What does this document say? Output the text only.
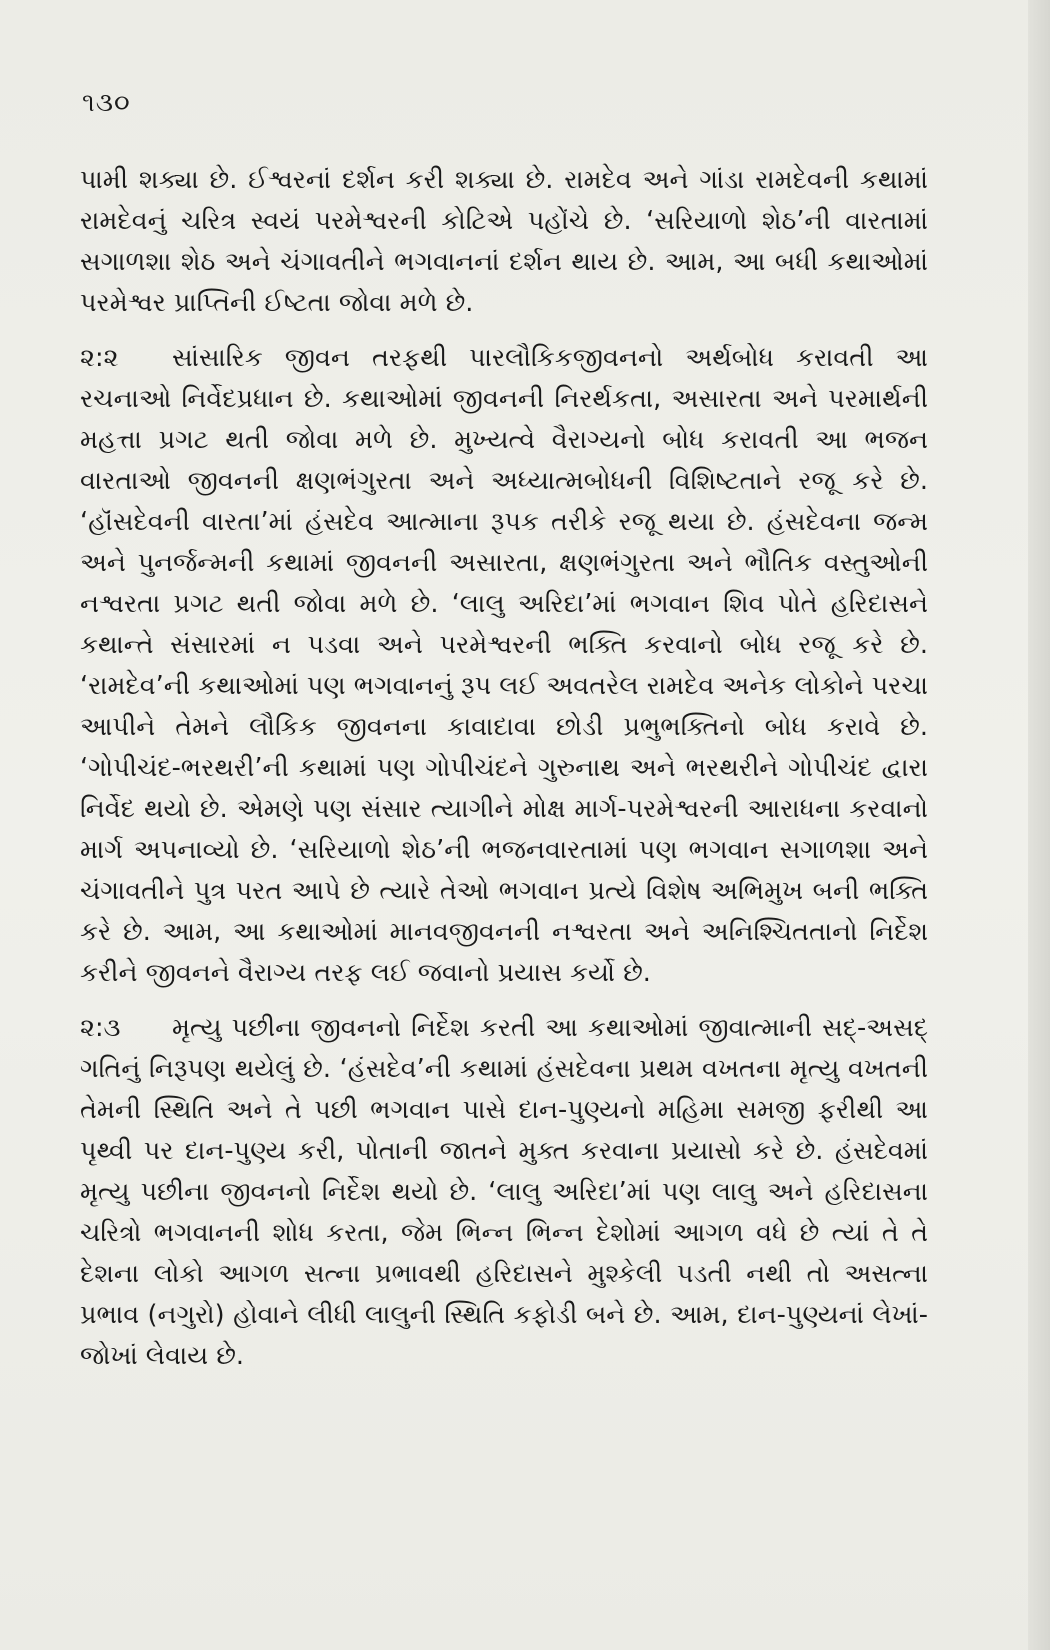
૧૩૦

પામી શક્યા છે. ઈશ્વરનાં દર્શન કરી શક્યા છે. રામદેવ અને ગાંડા રામદેવની કથામાં રામદેવનું ચરિત્ર સ્વયં પરમેશ્વરની કોટિએ પહોંચે છે. ‘સરિયાળો શેઠ’ની વારતામાં સગાળશા શેઠ અને ચંગાવતીને ભગવાનનાં દર્શન થાય છે. આમ, આ બધી કથાઓમાં પરમેશ્વર પ્રાપ્તિની ઈષ્ટતા જોવા મળે છે.

૨:૨ સાંસારિક જીવન તરફથી પારલૌકિકજીવનનો અર્થબોધ કરાવતી આ રચનાઓ નિર્વેદપ્રધાન છે. કથાઓમાં જીવનની નિરર્થકતા, અસારતા અને પરમાર્થની મહત્તા પ્રગટ થતી જોવા મળે છે. મુખ્યત્વે વૈરાગ્યનો બોધ કરાવતી આ ભજન વારતાઓ જીવનની ક્ષણભંગુરતા અને અધ્યાત્મબોધની વિશિષ્ટતાને રજૂ કરે છે. ‘હૉંસદેવની વારતા’માં હંસદેવ આત્માના રૂપક તરીકે રજૂ થયા છે. હંસદેવના જન્મ અને પુનર્જન્મની કથામાં જીવનની અસારતા, ક્ષણભંગુરતા અને ભૌતિક વસ્તુઓની નશ્વરતા પ્રગટ થતી જોવા મળે છે. ‘લાલુ અરિદા’માં ભગવાન શિવ પોતે હરિદાસને કથાન્તે સંસારમાં ન પડવા અને પરમેશ્વરની ભક્તિ કરવાનો બોધ રજૂ કરે છે. ‘રામદેવ’ની કથાઓમાં પણ ભગવાનનું રૂપ લઈ અવતરેલ રામદેવ અનેક લોકોને પરચા આપીને તેમને લૌકિક જીવનના કાવાદાવા છોડી પ્રભુભક્તિનો બોધ કરાવે છે. ‘ગોપીચંદ-ભરથરી’ની કથામાં પણ ગોપીચંદને ગુરુનાથ અને ભરથરીને ગોપીચંદ દ્વારા નિર્વેદ થયો છે. એમણે પણ સંસાર ત્યાગીને મોક્ષ માર્ગ-પરમેશ્વરની આરાધના કરવાનો માર્ગ અપનાવ્યો છે. ‘સરિયાળો શેઠ’ની ભજનવારતામાં પણ ભગવાન સગાળશા અને ચંગાવતીને પુત્ર પરત આપે છે ત્યારે તેઓ ભગવાન પ્રત્યે વિશેષ અભિમુખ બની ભક્તિ કરે છે. આમ, આ કથાઓમાં માનવજીવનની નશ્વરતા અને અનિશ્ચિતતાનો નિર્દેશ કરીને જીવનને વૈરાગ્ય તરફ લઈ જવાનો પ્રયાસ કર્યો છે.

૨:૩ મૃત્યુ પછીના જીવનનો નિર્દેશ કરતી આ કથાઓમાં જીવાત્માની સદ્-અસદ્ ગતિનું નિરૂપણ થયેલું છે. ‘હંસદેવ’ની કથામાં હંસદેવના પ્રથમ વખતના મૃત્યુ વખતની તેમની સ્થિતિ અને તે પછી ભગવાન પાસે દાન-પુણ્યનો મહિમા સમજી ફરીથી આ પૃથ્વી પર દાન-પુણ્ય કરી, પોતાની જાતને મુક્ત કરવાના પ્રયાસો કરે છે. હંસદેવમાં મૃત્યુ પછીના જીવનનો નિર્દેશ થયો છે. ‘લાલુ અરિદા’માં પણ લાલુ અને હરિદાસના ચરિત્રો ભગવાનની શોધ કરતા, જેમ ભિન્ન ભિન્ન દેશોમાં આગળ વધે છે ત્યાં તે તે દેશના લોકો આગળ સત્ના પ્રભાવથી હરિદાસને મુશ્કેલી પડતી નથી તો અસત્ના પ્રભાવ (નગુરો) હોવાને લીધી લાલુની સ્થિતિ કફોડી બને છે. આમ, દાન-પુણ્યનાં લેખાં-જોખાં લેવાય છે.
